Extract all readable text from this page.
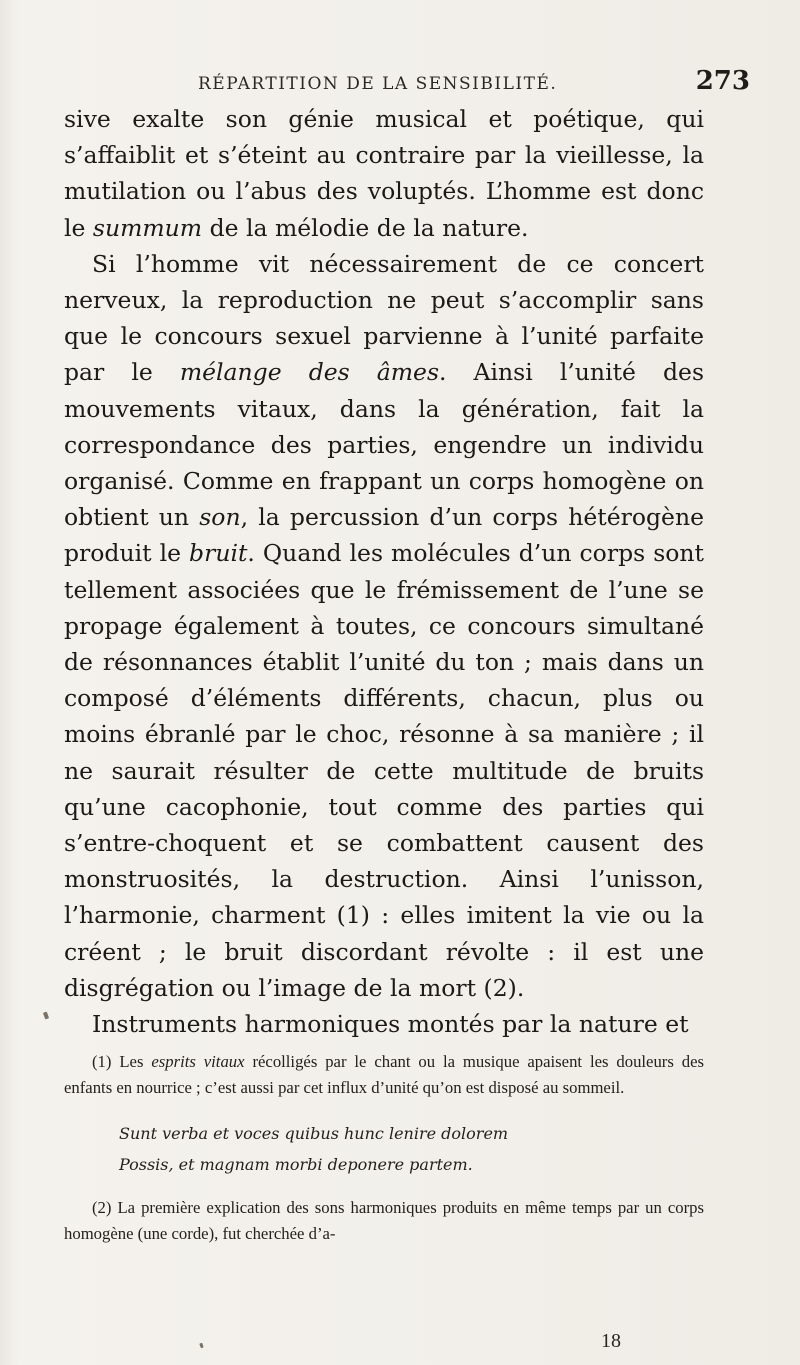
RÉPARTITION DE LA SENSIBILITÉ.	273

sive exalte son génie musical et poétique, qui s’affaiblit et s’éteint au contraire par la vieillesse, la mutilation ou l’abus des voluptés. L’homme est donc le summum de la mélodie de la nature.

Si l’homme vit nécessairement de ce concert nerveux, la reproduction ne peut s’accomplir sans que le concours sexuel parvienne à l’unité parfaite par le mélange des âmes. Ainsi l’unité des mouvements vitaux, dans la génération, fait la correspondance des parties, engendre un individu organisé. Comme en frappant un corps homogène on obtient un son, la percussion d’un corps hétérogène produit le bruit. Quand les molécules d’un corps sont tellement associées que le frémissement de l’une se propage également à toutes, ce concours simultané de résonnances établit l’unité du ton ; mais dans un composé d’éléments différents, chacun, plus ou moins ébranlé par le choc, résonne à sa manière ; il ne saurait résulter de cette multitude de bruits qu’une cacophonie, tout comme des parties qui s’entre-choquent et se combattent causent des monstruosités, la destruction. Ainsi l’unisson, l’harmonie, charment (1) : elles imitent la vie ou la créent ; le bruit discordant révolte : il est une disgrégation ou l’image de la mort (2).

Instruments harmoniques montés par la nature et

(1) Les esprits vitaux récolligés par le chant ou la musique apaisent les douleurs des enfants en nourrice ; c’est aussi par cet influx d’unité qu’on est disposé au sommeil.

Sunt verba et voces quibus hunc lenire dolorem
Possis, et magnam morbi deponere partem.

(2) La première explication des sons harmoniques produits en même temps par un corps homogène (une corde), fut cherchée d’a-

18
